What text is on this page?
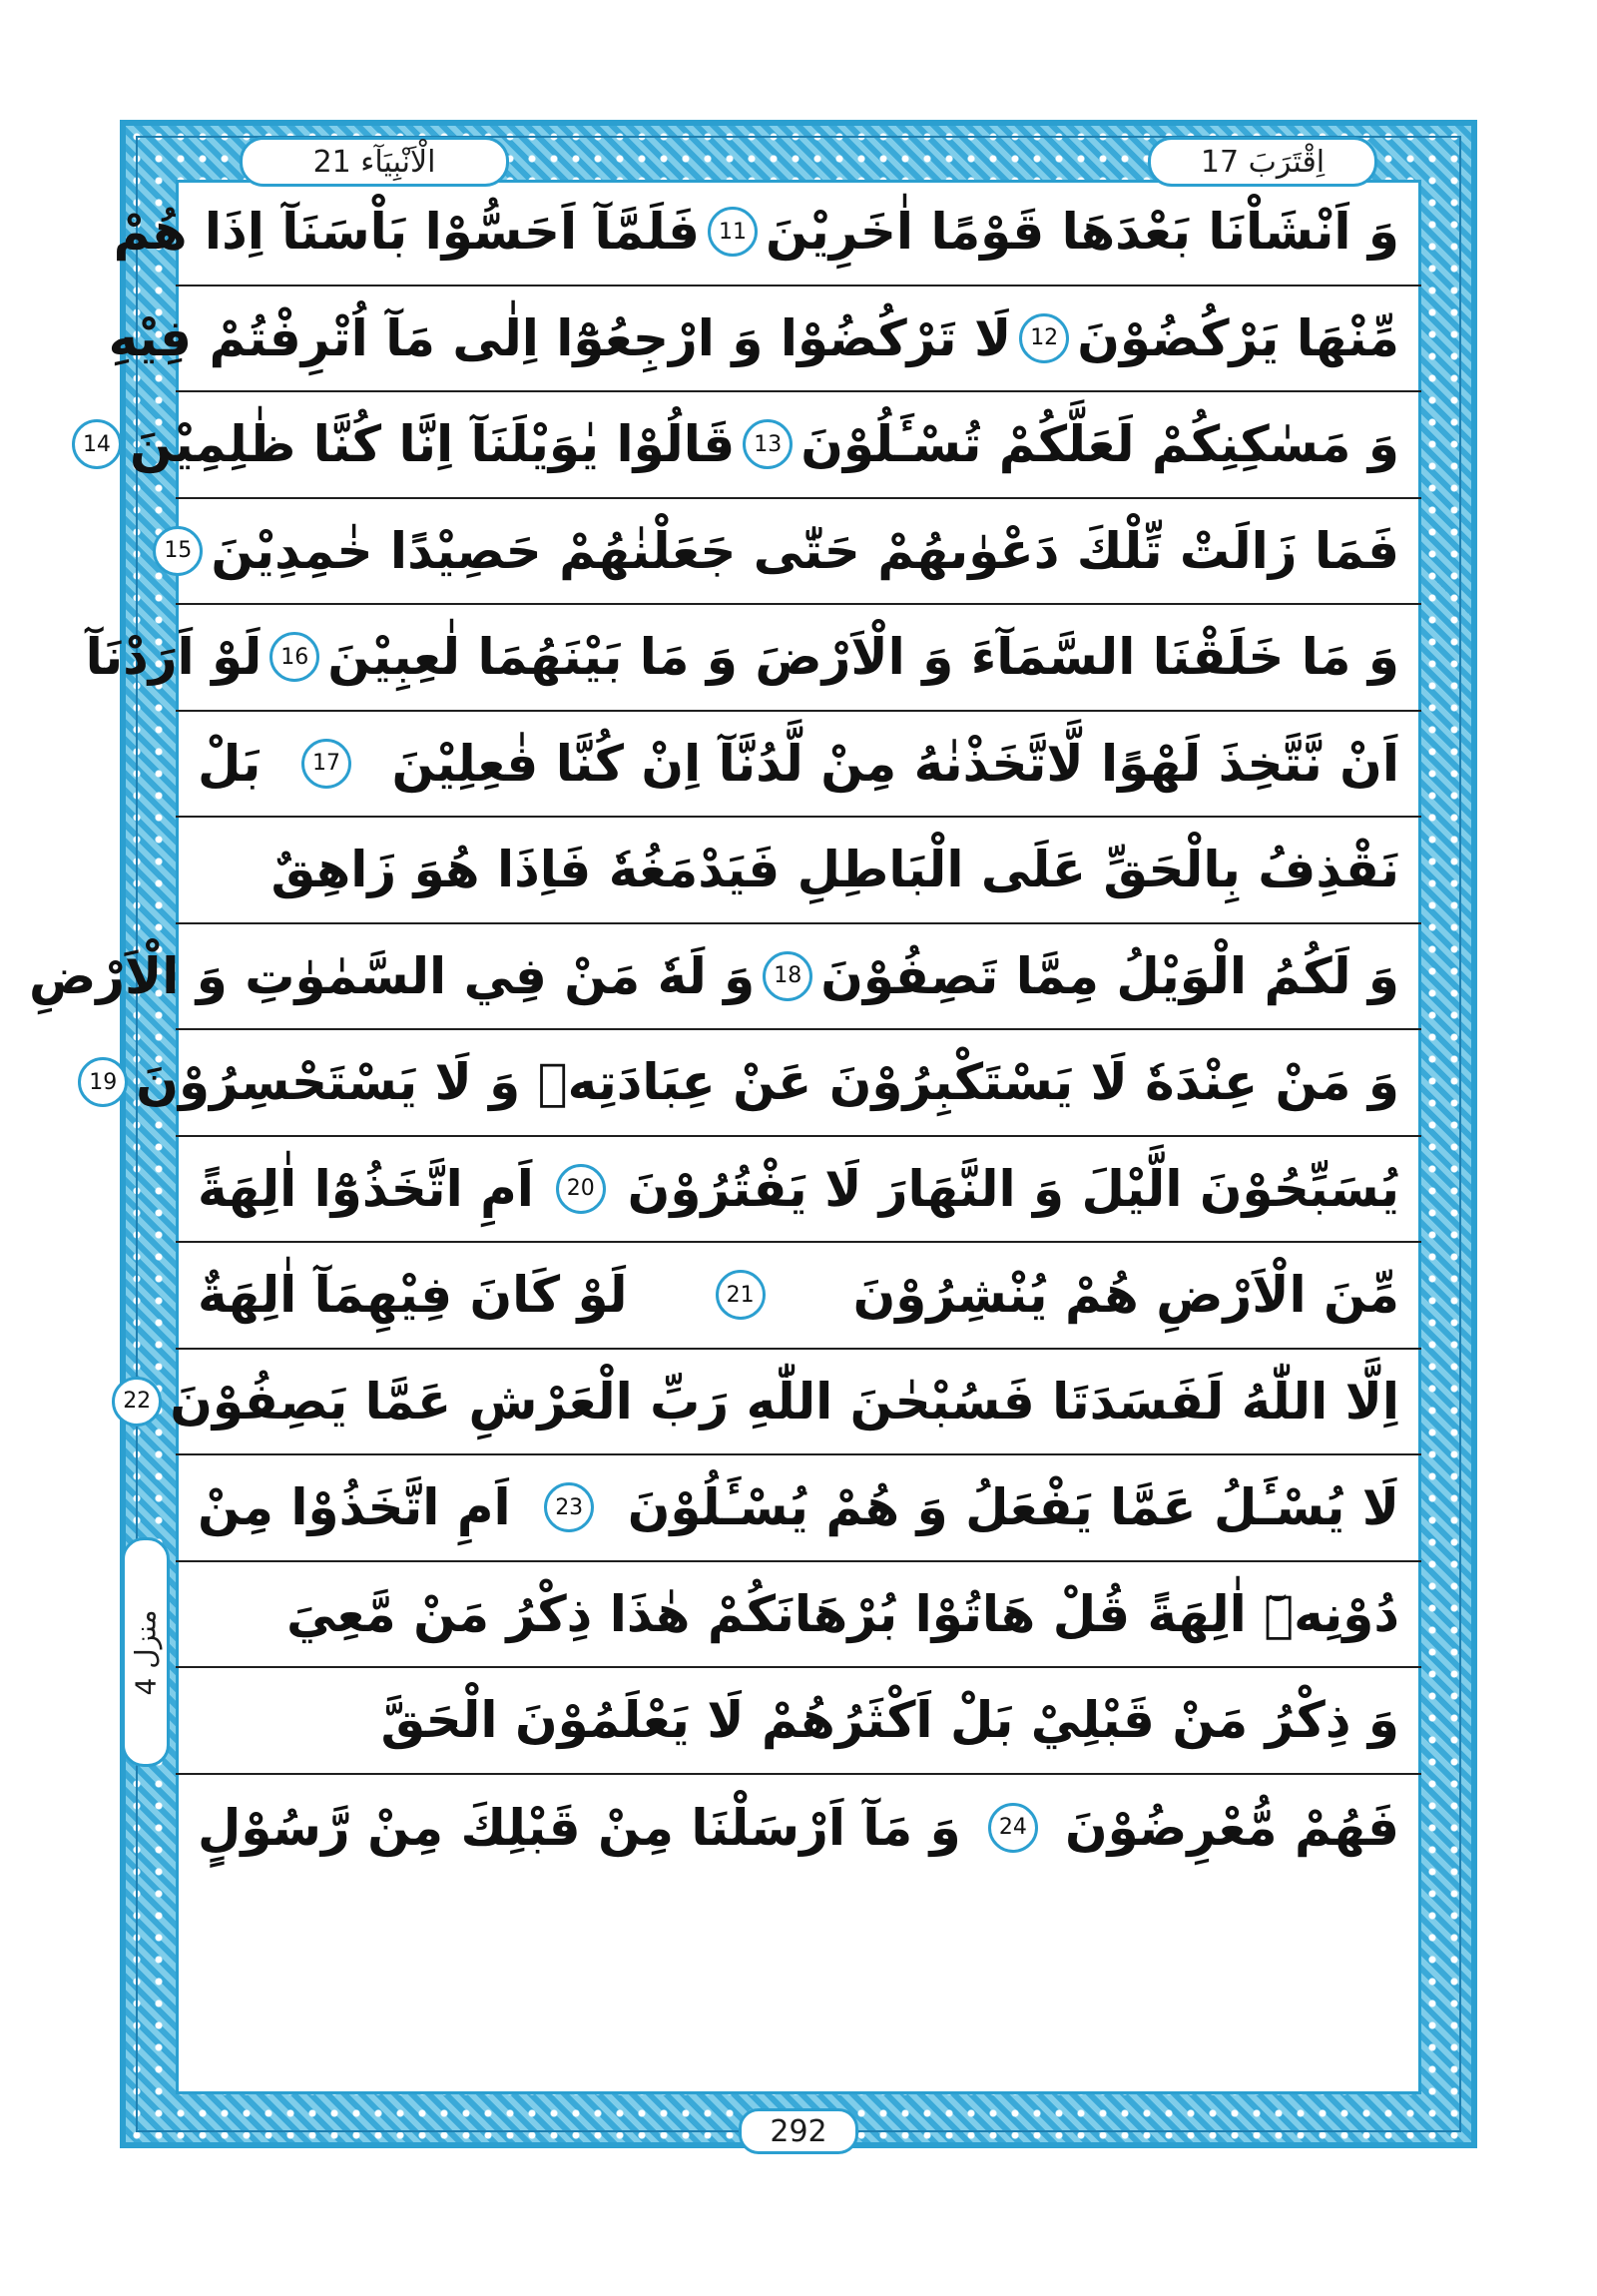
الْاَنْبِيَآء 21	اِقْتَرَبَ 17
وَ اَنْشَاْنَا بَعْدَهَا قَوْمًا اٰخَرِيْنَ
11
فَلَمَّآ اَحَسُّوْا بَاْسَنَآ اِذَا هُمْ
مِّنْهَا يَرْكُضُوْنَ
12
لَا تَرْكُضُوْا وَ ارْجِعُوْٓا اِلٰى مَآ اُتْرِفْتُمْ فِيْهِ
وَ مَسٰكِنِكُمْ لَعَلَّكُمْ تُسْـَٔلُوْنَ
13
قَالُوْا يٰوَيْلَنَآ اِنَّا كُنَّا ظٰلِمِيْنَ
14
فَمَا زَالَتْ تِّلْكَ دَعْوٰىهُمْ حَتّٰى جَعَلْنٰهُمْ حَصِيْدًا خٰمِدِيْنَ
15
وَ مَا خَلَقْنَا السَّمَآءَ وَ الْاَرْضَ وَ مَا بَيْنَهُمَا لٰعِبِيْنَ
16
لَوْ اَرَدْنَآ
اَنْ نَّتَّخِذَ لَهْوًا لَّاتَّخَذْنٰهُ مِنْ لَّدُنَّآ اِنْ كُنَّا فٰعِلِيْنَ
17
بَلْ
نَقْذِفُ بِالْحَقِّ عَلَى الْبَاطِلِ فَيَدْمَغُهٗ فَاِذَا هُوَ زَاهِقٌ
وَ لَكُمُ الْوَيْلُ مِمَّا تَصِفُوْنَ
18
وَ لَهٗ مَنْ فِي السَّمٰوٰتِ وَ الْاَرْضِ
وَ مَنْ عِنْدَهٗ لَا يَسْتَكْبِرُوْنَ عَنْ عِبَادَتِهٖ وَ لَا يَسْتَحْسِرُوْنَ
19
يُسَبِّحُوْنَ الَّيْلَ وَ النَّهَارَ لَا يَفْتُرُوْنَ
20
اَمِ اتَّخَذُوْٓا اٰلِهَةً
مِّنَ الْاَرْضِ هُمْ يُنْشِرُوْنَ
21
لَوْ كَانَ فِيْهِمَآ اٰلِهَةٌ
اِلَّا اللّٰهُ لَفَسَدَتَا فَسُبْحٰنَ اللّٰهِ رَبِّ الْعَرْشِ عَمَّا يَصِفُوْنَ
22
لَا يُسْـَٔلُ عَمَّا يَفْعَلُ وَ هُمْ يُسْـَٔلُوْنَ
23
اَمِ اتَّخَذُوْا مِنْ
دُوْنِهٖٓ اٰلِهَةً قُلْ هَاتُوْا بُرْهَانَكُمْ هٰذَا ذِكْرُ مَنْ مَّعِيَ
وَ ذِكْرُ مَنْ قَبْلِيْ بَلْ اَكْثَرُهُمْ لَا يَعْلَمُوْنَ الْحَقَّ
فَهُمْ مُّعْرِضُوْنَ
24
وَ مَآ اَرْسَلْنَا مِنْ قَبْلِكَ مِنْ رَّسُوْلٍ
منزل 4
292
